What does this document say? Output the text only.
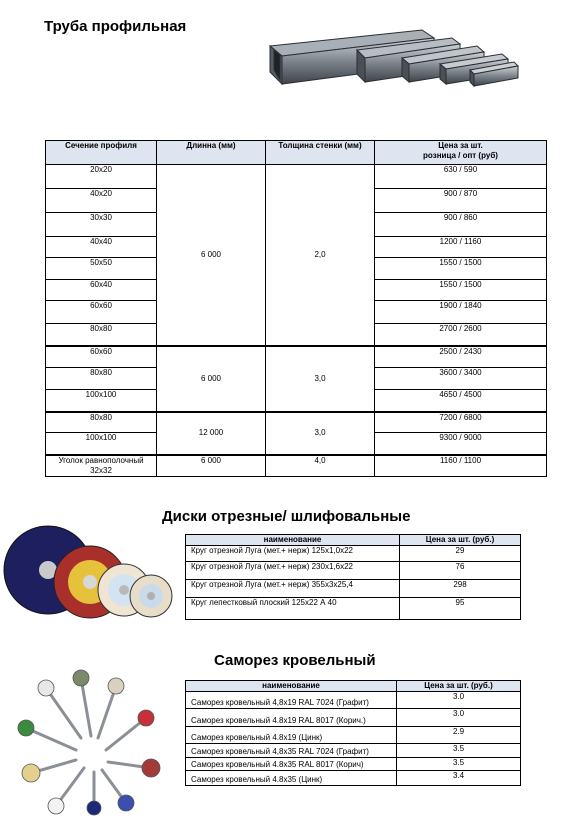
Труба профильная
Сечение профиля	Длинна (мм)	Толщина стенки (мм)	Цена за шт.
розница / опт (руб)

20x20	6 000	2,0	630 / 590
40x20			900 / 870
30x30			900 / 860
40x40			1200 / 1160
50x50			1550 / 1500
60x40			1550 / 1500
60x60			1900 / 1840
80x80			2700 / 2600
60x60	6 000	3,0	2500 / 2430
80x80			3600 / 3400
100x100			4650 / 4500
80x80	12 000	3,0	7200 / 6800
100x100			9300 / 9000

Уголок равнополочный
32x32	6 000	4,0	1160 / 1100
Диски отрезные/ шлифовальные
наименование	Цена за шт. (руб.)
Круг отрезной Луга (мет.+ нерж) 125х1,0х22	29
Круг отрезной Луга (мет.+ нерж) 230х1,6х22	76
Круг отрезной Луга (мет.+ нерж) 355х3х25,4	298
Круг лепестковый плоский 125х22 А 40	95
Саморез кровельный
наименование	Цена за шт. (руб.)
Саморез кровельный 4,8х19 RAL 7024 (Графит)	3.0
Саморез кровельный 4.8х19 RAL 8017 (Корич.)	3.0
Саморез кровельный 4.8х19 (Цинк)	2.9
Саморез кровельный 4,8х35 RAL 7024 (Графит)	3.5
Саморез кровельный 4.8х35 RAL 8017 (Корич)	3.5
Саморез кровельный 4.8х35 (Цинк)	3.4
